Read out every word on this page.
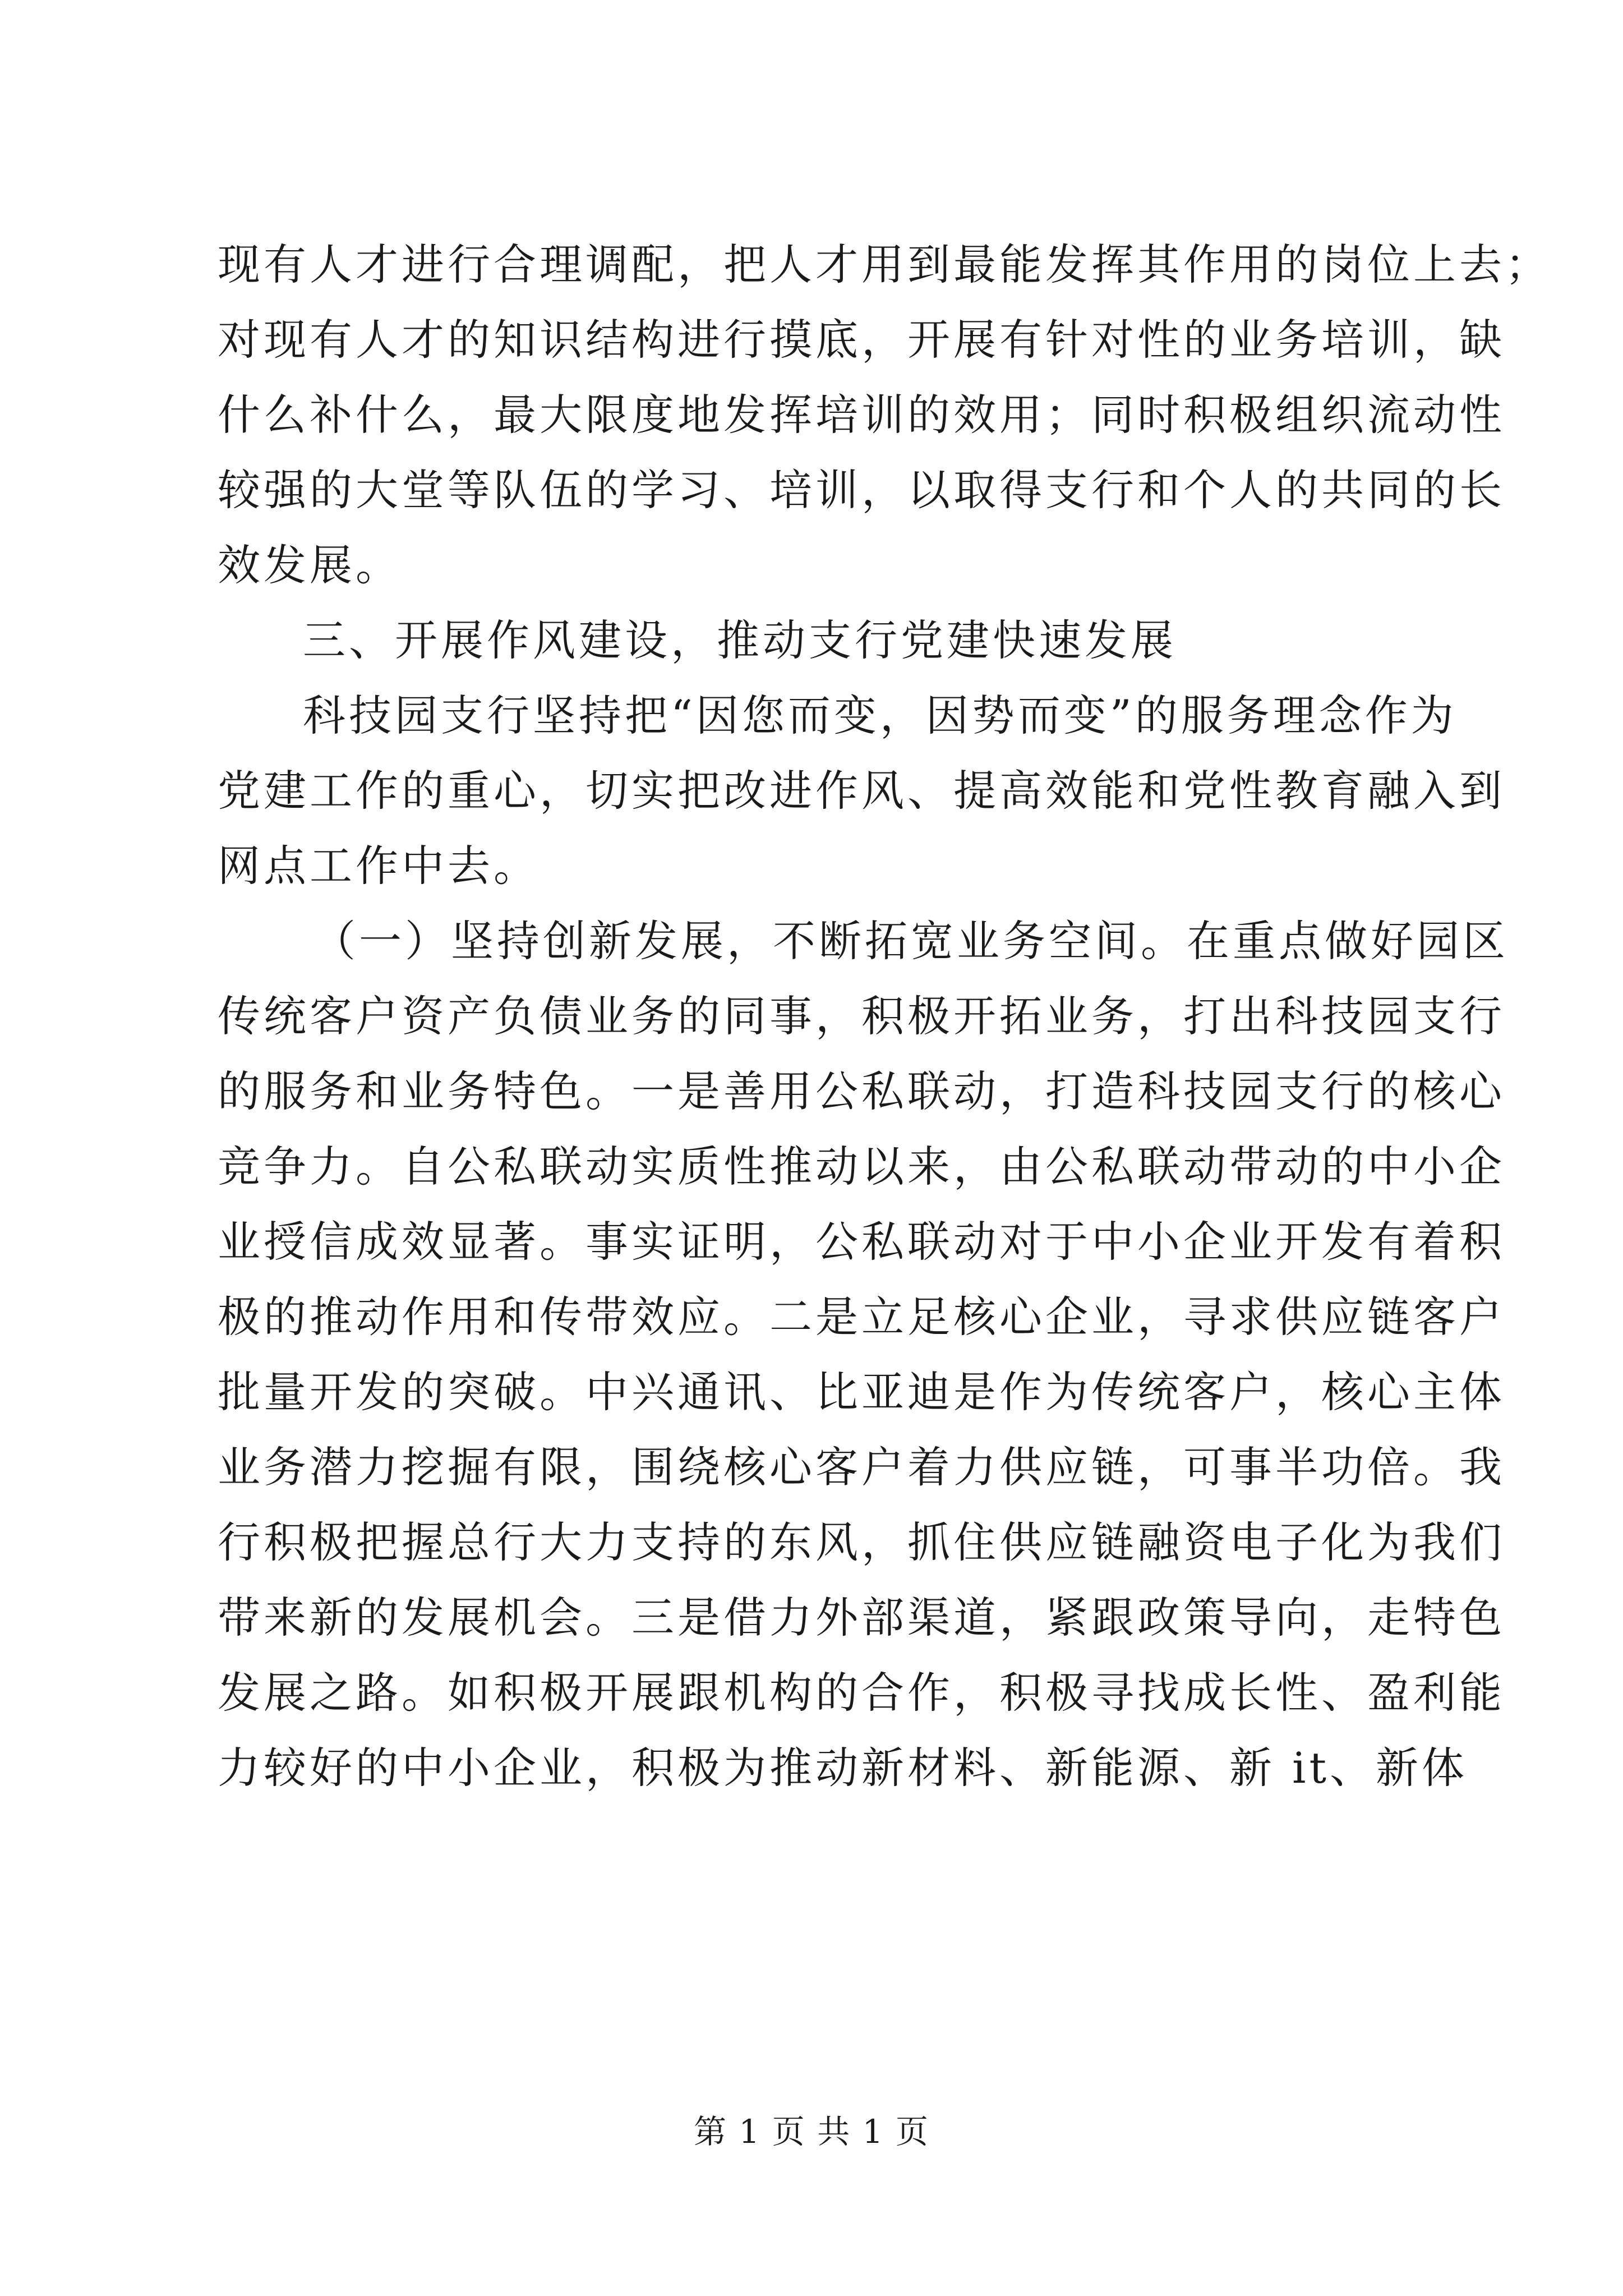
现有人才进行合理调配，把人才用到最能发挥其作用的岗位上去；
对现有人才的知识结构进行摸底，开展有针对性的业务培训，缺
什么补什么，最大限度地发挥培训的效用；同时积极组织流动性
较强的大堂等队伍的学习、培训，以取得支行和个人的共同的长
效发展。
三、开展作风建设，推动支行党建快速发展
科技园支行坚持把“因您而变，因势而变”的服务理念作为
党建工作的重心，切实把改进作风、提高效能和党性教育融入到
网点工作中去。
（一）坚持创新发展，不断拓宽业务空间。在重点做好园区
传统客户资产负债业务的同事，积极开拓业务，打出科技园支行
的服务和业务特色。一是善用公私联动，打造科技园支行的核心
竞争力。自公私联动实质性推动以来，由公私联动带动的中小企
业授信成效显著。事实证明，公私联动对于中小企业开发有着积
极的推动作用和传带效应。二是立足核心企业，寻求供应链客户
批量开发的突破。中兴通讯、比亚迪是作为传统客户，核心主体
业务潜力挖掘有限，围绕核心客户着力供应链，可事半功倍。我
行积极把握总行大力支持的东风，抓住供应链融资电子化为我们
带来新的发展机会。三是借力外部渠道，紧跟政策导向，走特色
发展之路。如积极开展跟机构的合作，积极寻找成长性、盈利能
力较好的中小企业，积极为推动新材料、新能源、新 it、新体
第 1 页 共 1 页
